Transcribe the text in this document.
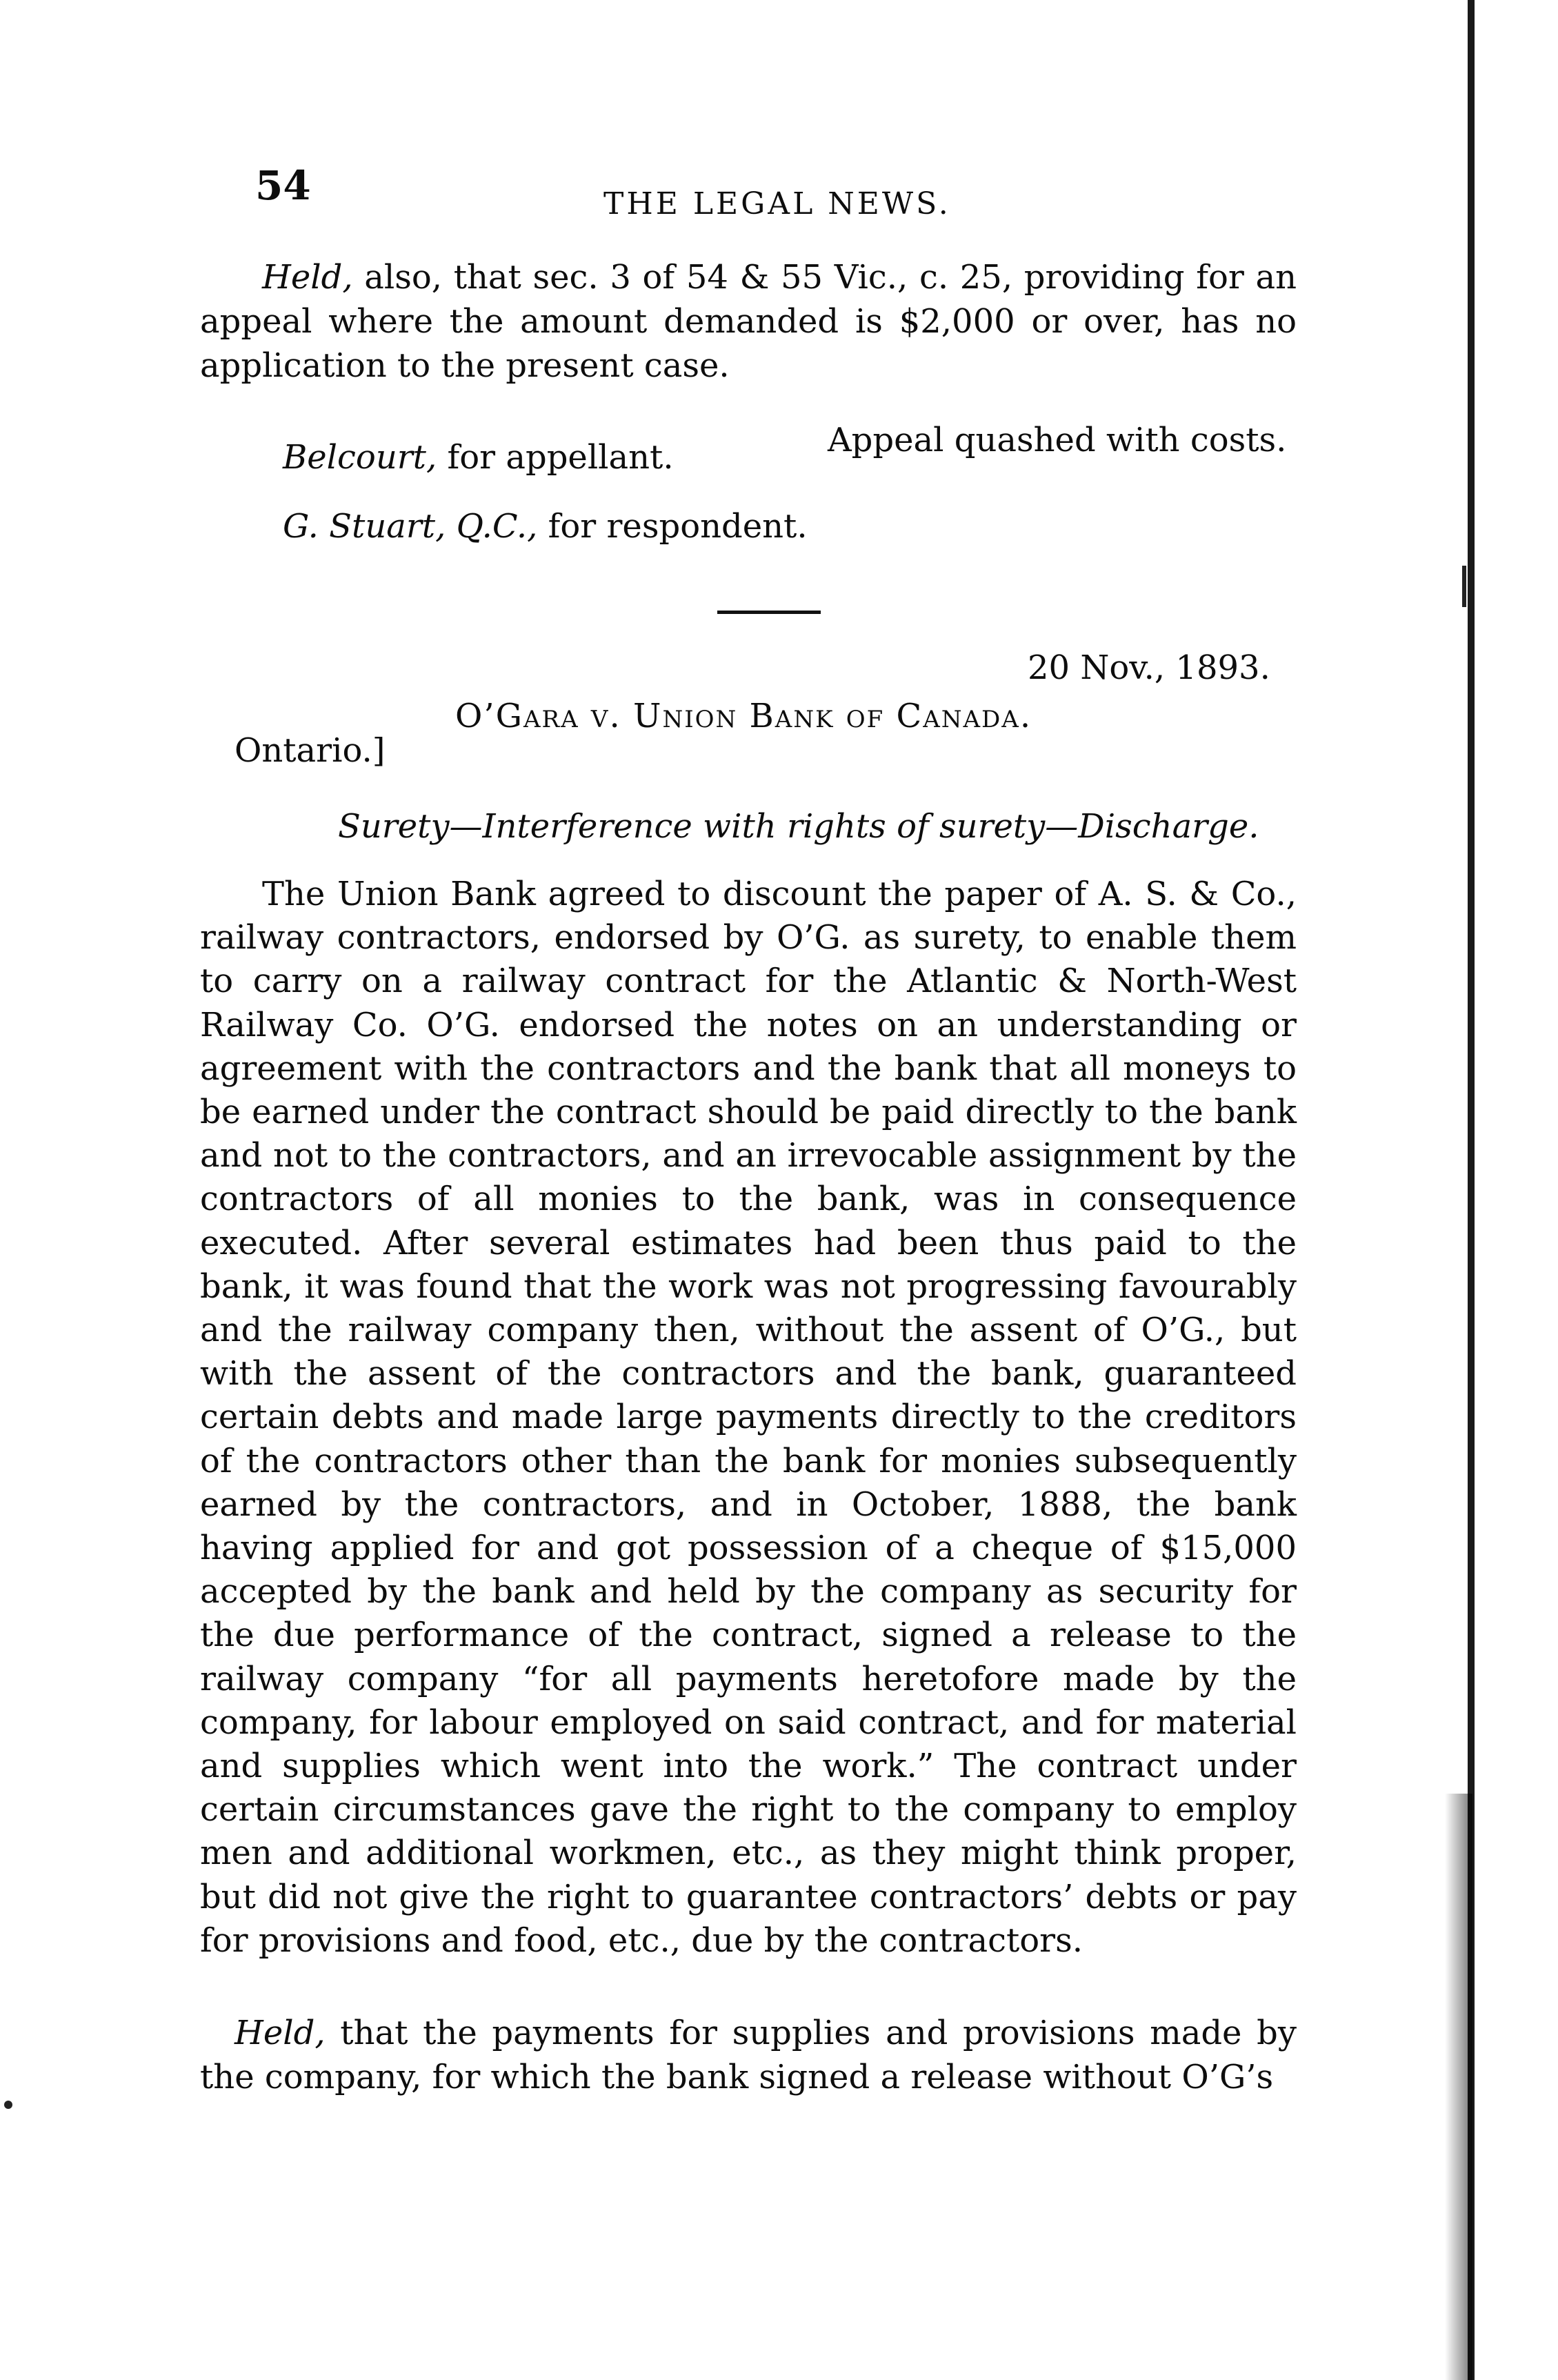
54	THE LEGAL NEWS.

Held, also, that sec. 3 of 54 & 55 Vic., c. 25, providing for an appeal where the amount demanded is $2,000 or over, has no application to the present case.

Appeal quashed with costs.
Belcourt, for appellant.
G. Stuart, Q.C., for respondent.
20 Nov., 1893.
O’Gara v. Union Bank of Canada.
Ontario.]
Surety—Interference with rights of surety—Discharge.

The Union Bank agreed to discount the paper of A. S. & Co., railway contractors, endorsed by O’G. as surety, to enable them to carry on a railway contract for the Atlantic & North-West Railway Co. O’G. endorsed the notes on an understanding or agreement with the contractors and the bank that all moneys to be earned under the contract should be paid directly to the bank and not to the contractors, and an irrevocable assignment by the contractors of all monies to the bank, was in consequence executed. After several estimates had been thus paid to the bank, it was found that the work was not progressing favourably and the railway company then, without the assent of O’G., but with the assent of the contractors and the bank, guaranteed certain debts and made large payments directly to the creditors of the contractors other than the bank for monies subsequently earned by the contractors, and in October, 1888, the bank having applied for and got possession of a cheque of $15,000 accepted by the bank and held by the company as security for the due performance of the contract, signed a release to the railway company “for all payments heretofore made by the company, for labour employed on said contract, and for material and supplies which went into the work.” The contract under certain circumstances gave the right to the company to employ men and additional workmen, etc., as they might think proper, but did not give the right to guarantee contractors’ debts or pay for provisions and food, etc., due by the contractors.

Held, that the payments for supplies and provisions made by the company, for which the bank signed a release without O’G’s
